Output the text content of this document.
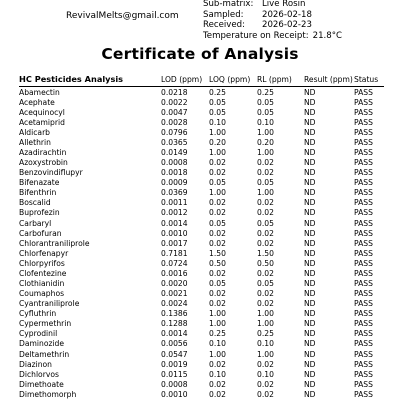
RevivalMelts@gmail.com
Sub-matrix: Live Rosin
Sampled: 2026-02-18
Received: 2026-02-23
Temperature on Receipt: 21.8°C
Certificate of Analysis
HC Pesticides Analysis	LOD (ppm) LOQ (ppm) RL (ppm) Result (ppm) Status
Abamectin	0.0218	0.25	0.25	ND	PASS
Acephate	0.0022	0.05	0.05	ND	PASS
Acequinocyl	0.0047	0.05	0.05	ND	PASS
Acetamiprid	0.0028	0.10	0.10	ND	PASS
Aldicarb	0.0796	1.00	1.00	ND	PASS
Allethrin	0.0365	0.20	0.20	ND	PASS
Azadirachtin	0.0149	1.00	1.00	ND	PASS
Azoxystrobin	0.0008	0.02	0.02	ND	PASS
Benzovindiflupyr	0.0018	0.02	0.02	ND	PASS
Bifenazate	0.0009	0.05	0.05	ND	PASS
Bifenthrin	0.0369	1.00	1.00	ND	PASS
Boscalid	0.0011	0.02	0.02	ND	PASS
Buprofezin	0.0012	0.02	0.02	ND	PASS
Carbaryl	0.0014	0.05	0.05	ND	PASS
Carbofuran	0.0010	0.02	0.02	ND	PASS
Chlorantraniliprole	0.0017	0.02	0.02	ND	PASS
Chlorfenapyr	0.7181	1.50	1.50	ND	PASS
Chlorpyrifos	0.0724	0.50	0.50	ND	PASS
Clofentezine	0.0016	0.02	0.02	ND	PASS
Clothianidin	0.0020	0.05	0.05	ND	PASS
Coumaphos	0.0021	0.02	0.02	ND	PASS
Cyantraniliprole	0.0024	0.02	0.02	ND	PASS
Cyfluthrin	0.1386	1.00	1.00	ND	PASS
Cypermethrin	0.1288	1.00	1.00	ND	PASS
Cyprodinil	0.0014	0.25	0.25	ND	PASS
Daminozide	0.0056	0.10	0.10	ND	PASS
Deltamethrin	0.0547	1.00	1.00	ND	PASS
Diazinon	0.0019	0.02	0.02	ND	PASS
Dichlorvos	0.0115	0.10	0.10	ND	PASS
Dimethoate	0.0008	0.02	0.02	ND	PASS
Dimethomorph	0.0010	0.02	0.02	ND	PASS
